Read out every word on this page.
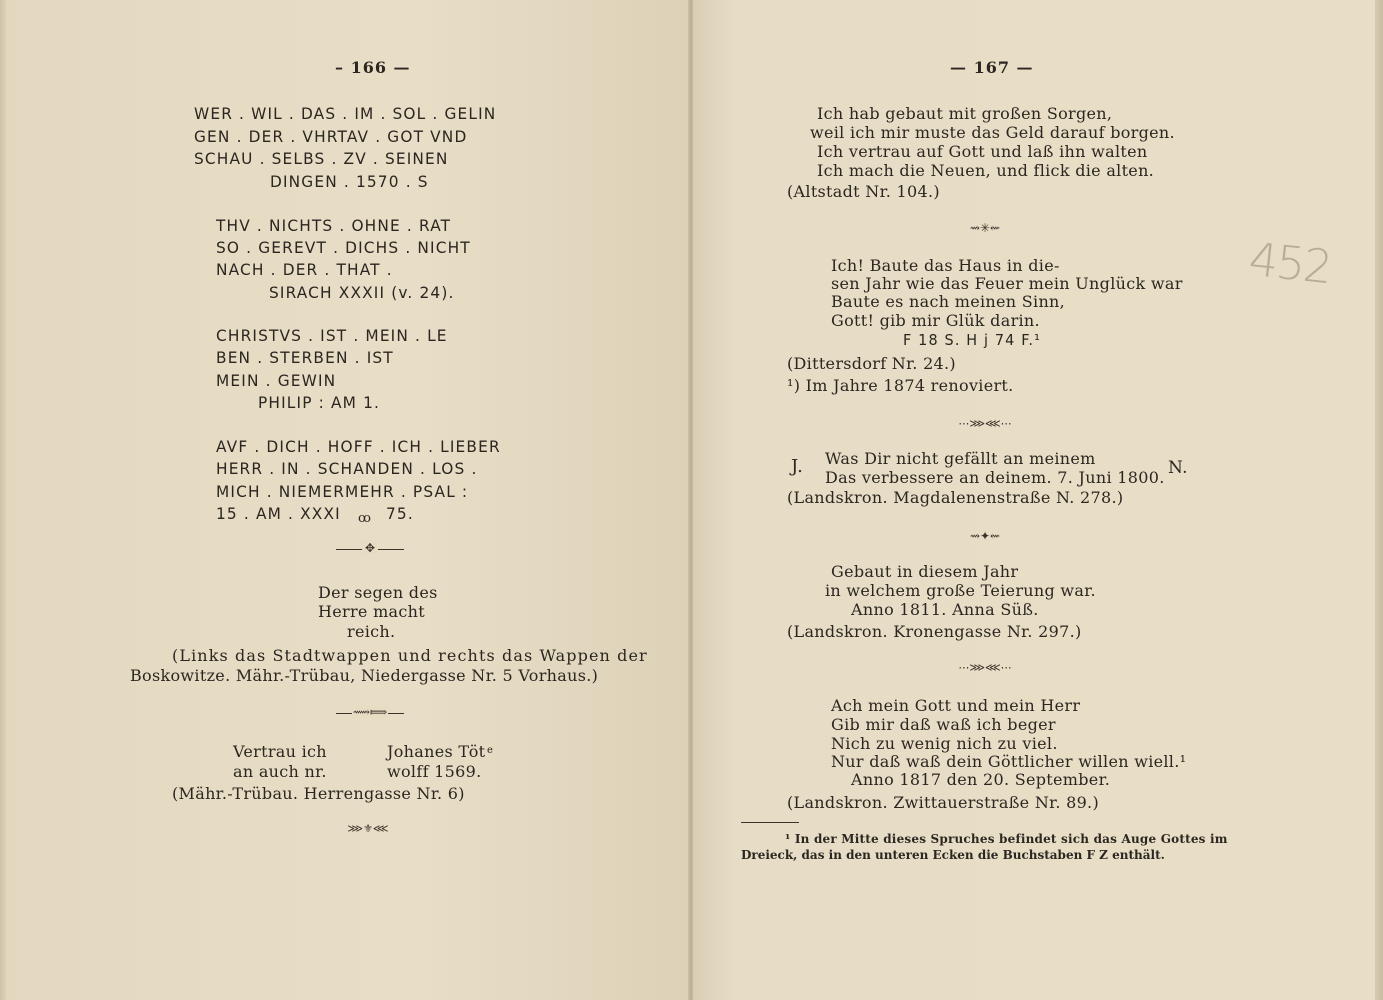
– 166 —
WER . WIL . DAS . IM . SOL . GELIN
GEN . DER . VHRTAV . GOT VND
SCHAU . SELBS . ZV . SEINEN
DINGEN . 1570 . S
THV . NICHTS . OHNE . RAT
SO . GEREVT . DICHS . NICHT
NACH . DER . THAT .
SIRACH XXXII (v. 24).
CHRISTVS . IST . MEIN . LE
BEN . STERBEN . IST
MEIN . GEWIN
PHILIP : AM 1.
AVF . DICH . HOFF . ICH . LIEBER
HERR . IN . SCHANDEN . LOS .
MICH . NIEMERMEHR . PSAL :
15 . AM . XXXI ꝏ 75.
✥
Der segen des
Herre macht
reich.
(Links das Stadtwappen und rechts das Wappen der
Boskowitze. Mähr.-Trübau, Niedergasse Nr. 5 Vorhaus.)
⟿⟾
Vertrau ich
an auch nr.
Johanes Töt e
wolff 1569.
(Mähr.-Trübau. Herrengasse Nr. 6)
⋙⚜⋘
— 167 —
452
Ich hab gebaut mit großen Sorgen,
weil ich mir muste das Geld darauf borgen.
Ich vertrau auf Gott und laß ihn walten
Ich mach die Neuen, und flick die alten.
(Altstadt Nr. 104.)
⇝✳⇜
Ich! Baute das Haus in die-
sen Jahr wie das Feuer mein Unglück war
Baute es nach meinen Sinn,
Gott! gib mir Glük darin.
F 18 S. H j 74 F.¹
(Dittersdorf Nr. 24.)
¹) Im Jahre 1874 renoviert.
⋯⋙⋘⋯
J. Was Dir nicht gefällt an meinem
Das verbessere an deinem. 7. Juni 1800. N.
(Landskron. Magdalenenstraße N. 278.)
⇝✦⇜
Gebaut in diesem Jahr
in welchem große Teierung war.
Anno 1811. Anna Süß.
(Landskron. Kronengasse Nr. 297.)
⋯⋙⋘⋯
Ach mein Gott und mein Herr
Gib mir daß waß ich beger
Nich zu wenig nich zu viel.
Nur daß waß dein Göttlicher willen wiell.¹
Anno 1817 den 20. September.
(Landskron. Zwittauerstraße Nr. 89.)
¹ In der Mitte dieses Spruches befindet sich das Auge Gottes im
Dreieck, das in den unteren Ecken die Buchstaben F Z enthält.
